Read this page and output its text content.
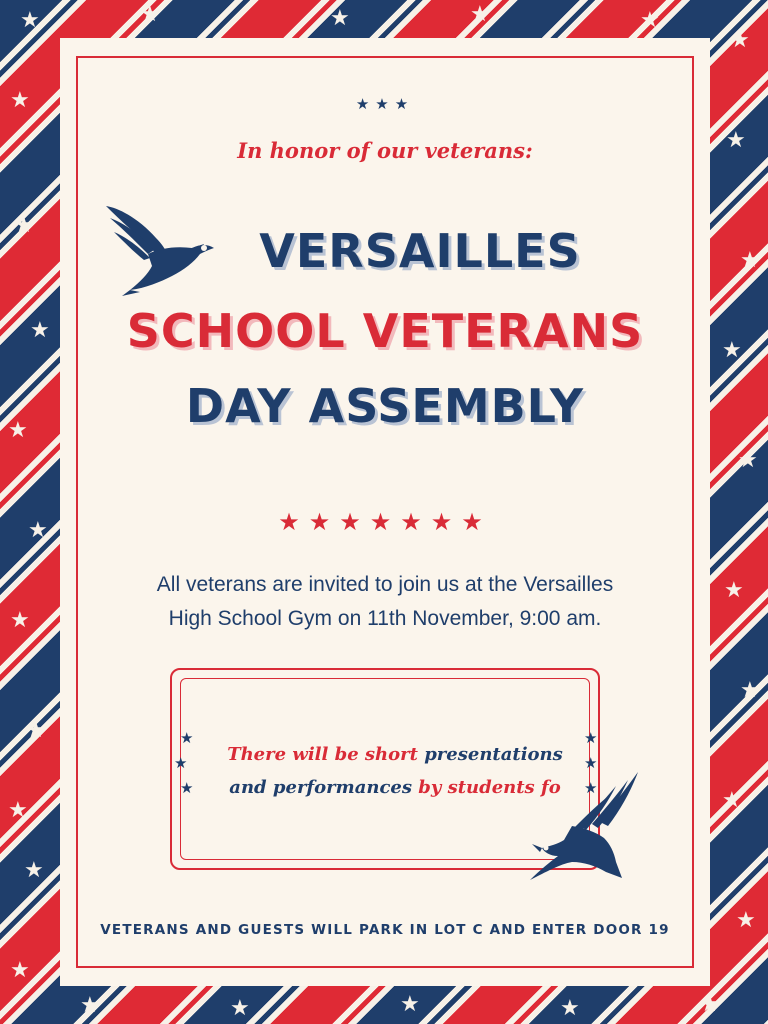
★	★	★	★	★
★
★
★
★
★
★
★
★
★
★
★
★
★
★
★
★
★
★
★
★	★	★	★	★
★★★
In honor of our veterans:
VERSAILLES
SCHOOL VETERANS
DAY ASSEMBLY
★★★★★★★
All veterans are invited to join us at the Versailles
High School Gym on 11th November, 9:00 am.
★
★
★
★
★
★
There will be short presentations
and performances by students fo
VETERANS AND GUESTS WILL PARK IN LOT C AND ENTER DOOR 19
